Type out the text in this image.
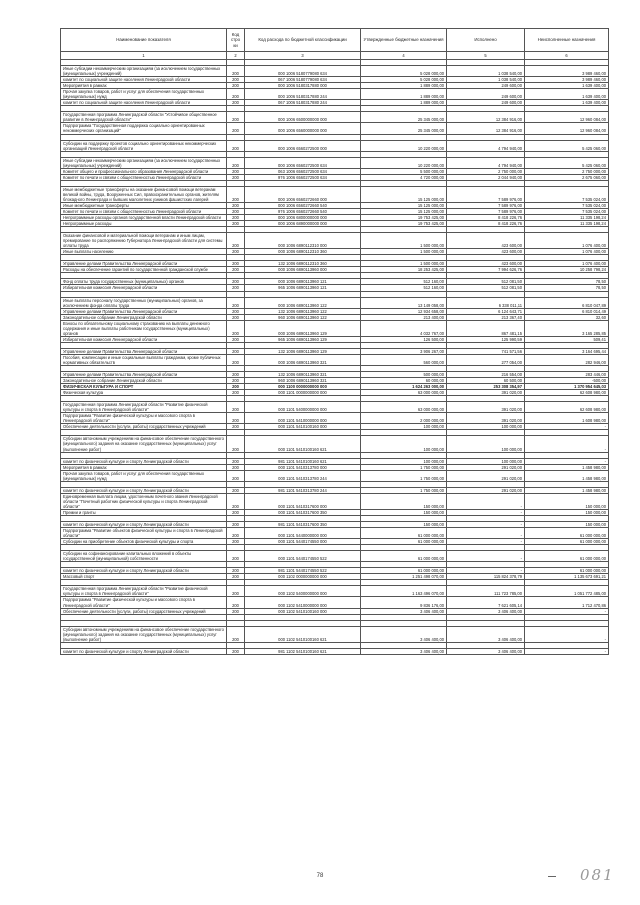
Наименование показателя	Код стро ки	Код расхода по бюджетной классификации	Утвержденные бюджетные назначения	Исполнено	Неисполненные назначения
1	2	3	4	5	6

Иные субсидии некоммерческим организациям (за исключением государственных (муниципальных) учреждений)	200	000 1006 5180779080 634	5 028 000,00	1 038 540,00	3 989 460,00
комитет по социальной защите населения Ленинградской области	200	067 1006 5180779080 634	5 028 000,00	1 038 540,00	3 989 460,00
Мероприятия в рамках	200	000 1006 5180317880 000	1 889 000,00	249 600,00	1 639 400,00
Прочая закупка товаров, работ и услуг для обеспечения государственных (муниципальных) нужд	200	000 1006 5180317880 244	1 889 000,00	249 600,00	1 639 400,00
комитет по социальной защите населения Ленинградской области	200	067 1006 5180317880 244	1 889 000,00	249 600,00	1 639 400,00

Государственная программа Ленинградской области "Устойчивое общественное развитие в Ленинградской области"	200	000 1006 6500000000 000	25 345 000,00	12 384 916,00	12 960 084,00
Подпрограмма "Государственная поддержка социально ориентированных некоммерческих организаций"	200	000 1006 6560000000 000	25 345 000,00	12 384 916,00	12 960 084,00

Субсидии на поддержку проектов социально ориентированных некоммерческих организаций Ленинградской области	200	000 1006 6560272500 000	10 220 000,00	4 794 940,00	5 425 060,00

Иные субсидии некоммерческим организациям (за исключением государственных (муниципальных) учреждений)	200	000 1006 6560272500 634	10 220 000,00	4 794 940,00	5 425 060,00
Комитет общего и профессионального образования Ленинградской области	200	063 1006 6560272500 634	5 500 000,00	2 750 000,00	2 750 000,00
Комитет по печати и связям с общественностью Ленинградской области	200	976 1006 6560272500 634	4 720 000,00	2 044 940,00	2 675 060,00

Иные межбюджетные трансферты на оказание финансовой помощи ветеранам великой войны, труда, Вооруженных Сил, правоохранительных органов, жителям блокадного Ленинграда и бывших малолетних узников фашистских лагерей	200	000 1006 6560272660 000	15 125 000,00	7 589 976,00	7 535 024,00
Иные межбюджетные трансферты	200	000 1006 6560272660 540	15 125 000,00	7 589 976,00	7 535 024,00
Комитет по печати и связям с общественностью Ленинградской области	200	976 1006 6560272660 540	15 125 000,00	7 589 976,00	7 535 024,00
Непрограммные расходы органов государственной власти Ленинградской области	200	000 1006 6800000000 000	19 753 425,00	8 418 226,76	11 335 198,24
Непрограммные расходы	200	000 1006 6890000000 000	19 753 425,00	8 418 226,76	11 335 198,24

Оказание финансовой и материальной помощи ветеранам и иным лицам, премирование по распоряжению Губернатора Ленинградской области для системы оплаты труда	200	000 1006 6890112310 000	1 500 000,00	423 600,00	1 076 400,00
Иные выплаты населению	200	000 1006 6890112310 360	1 500 000,00	423 600,00	1 076 400,00

Управление делами Правительства Ленинградской области	200	132 1006 6890112310 360	1 500 000,00	423 600,00	1 076 400,00
Расходы на обеспечение гарантий по государственной гражданской службе	200	000 1006 6890113960 000	18 253 425,00	7 994 626,76	10 258 798,24

Фонд оплаты труда государственных (муниципальных) органов	200	000 1006 6890113960 121	512 160,00	512 081,50	78,50
Избирательная комиссия Ленинградской области	200	965 1006 6890113960 121	512 160,00	512 081,50	78,50

Иные выплаты персоналу государственных (муниципальных) органов, за исключением фонда оплаты труда	200	000 1006 6890113960 122	13 149 058,00	6 338 011,11	6 810 047,89
Управление делами Правительства Ленинградской области	200	132 1006 6890113960 122	12 934 658,00	6 124 643,71	6 810 014,49
Законодательное собрание Ленинградской области	200	960 1006 6890113960 122	213 400,00	213 367,40	32,60
Взносы по обязательному социальному страхованию на выплаты денежного содержания и иные выплаты работникам государственных (муниципальных) органов	200	000 1006 6890113960 129	4 032 767,00	867 481,15	3 165 285,85
Избирательная комиссия Ленинградской области	200	965 1006 6890113960 129	126 500,00	125 990,59	509,41

Управление делами Правительства Ленинградской области	200	132 1006 6890113960 129	3 906 267,00	741 571,56	3 164 695,44
Пособия, компенсации и иные социальные выплаты гражданам, кроме публичных нормативных обязательств	200	000 1006 6890113960 321	560 000,00	277 054,00	282 946,00

Управление делами Правительства Ленинградской области	200	132 1006 6890113960 321	500 000,00	216 554,00	283 446,00
Законодательное собрание Ленинградской области	200	960 1006 6890113960 321	60 000,00	60 500,00	-500,00
ФИЗИЧЕСКАЯ КУЛЬТУРА И СПОРТ	200	000 1100 0000000000 000	1 624 263 000,00	253 308 354,97	1 370 954 645,03
Физическая культура	200	000 1101 0000000000 000	63 000 000,00	391 020,00	62 608 980,00

Государственная программа Ленинградской области "Развитие физической культуры и спорта в Ленинградской области"	200	000 1101 5400000000 000	63 000 000,00	391 020,00	62 608 980,00
Подпрограмма "Развитие физической культуры и массового спорта в Ленинградской области"	200	000 1101 5410000000 000	2 000 000,00	391 020,00	1 608 980,00
Обеспечение деятельности (услуги, работы) государственных учреждений	200	000 1101 5410100160 000	100 000,00	100 000,00	-

Субсидии автономным учреждениям на финансовое обеспечение государственного (муниципального) задания на оказание государственных (муниципальных) услуг (выполнение работ)	200	000 1101 5410100160 621	100 000,00	100 000,00	-

комитет по физической культуре и спорту Ленинградской области	200	981 1101 5410100160 621	100 000,00	100 000,00	-
Мероприятия в рамках	200	000 1101 5410313780 000	1 750 000,00	291 020,00	1 458 980,00
Прочая закупка товаров, работ и услуг для обеспечения государственных (муниципальных) нужд	200	000 1101 5410313780 244	1 750 000,00	291 020,00	1 458 980,00

комитет по физической культуре и спорту Ленинградской области	200	981 1101 5410313780 244	1 750 000,00	291 020,00	1 458 980,00
Единовременная выплата лицам, удостоенным почетного звания Ленинградской области "Почетный работник физической культуры и спорта Ленинградской области"	200	000 1101 5410317600 000	150 000,00	-	150 000,00
Премии и гранты	200	000 1101 5410317600 350	150 000,00	-	150 000,00

комитет по физической культуре и спорту Ленинградской области	200	981 1101 5410317600 350	150 000,00	-	150 000,00
Подпрограмма "Развитие объектов физической культуры и спорта в Ленинградской области"	200	000 1101 5440000000 000	61 000 000,00	-	61 000 000,00
Субсидии на приобретение объектов физической культуры и спорта	200	000 1101 5440174550 000	61 000 000,00	-	61 000 000,00

Субсидии на софинансирование капитальных вложений в объекты государственной (муниципальной) собственности	200	000 1101 5440174550 522	61 000 000,00	-	61 000 000,00

комитет по физической культуре и спорту Ленинградской области	200	981 1101 5440174550 522	61 000 000,00	-	61 000 000,00
Массовый спорт	200	000 1102 0000000000 000	1 251 498 070,00	115 824 378,79	1 135 673 691,21

Государственная программа Ленинградской области "Развитие физической культуры и спорта в Ленинградской области"	200	000 1102 5400000000 000	1 163 496 070,00	111 723 785,00	1 051 772 485,00
Подпрограмма "Развитие физической культуры и массового спорта в Ленинградской области"	200	000 1102 5410000000 000	9 836 176,00	7 621 605,14	1 712 470,86
Обеспечение деятельности (услуги, работы) государственных учреждений	200	000 1102 5410100160 000	3 406 400,00	3 406 400,00	-

Субсидии автономным учреждениям на финансовое обеспечение государственного (муниципального) задания на оказание государственных (муниципальных) услуг (выполнение работ)	200	000 1102 5410100160 621	3 406 400,00	3 406 400,00	-

комитет по физической культуре и спорту Ленинградской области	200	981 1102 5410100160 621	3 406 400,00	3 406 400,00	-
78	081
